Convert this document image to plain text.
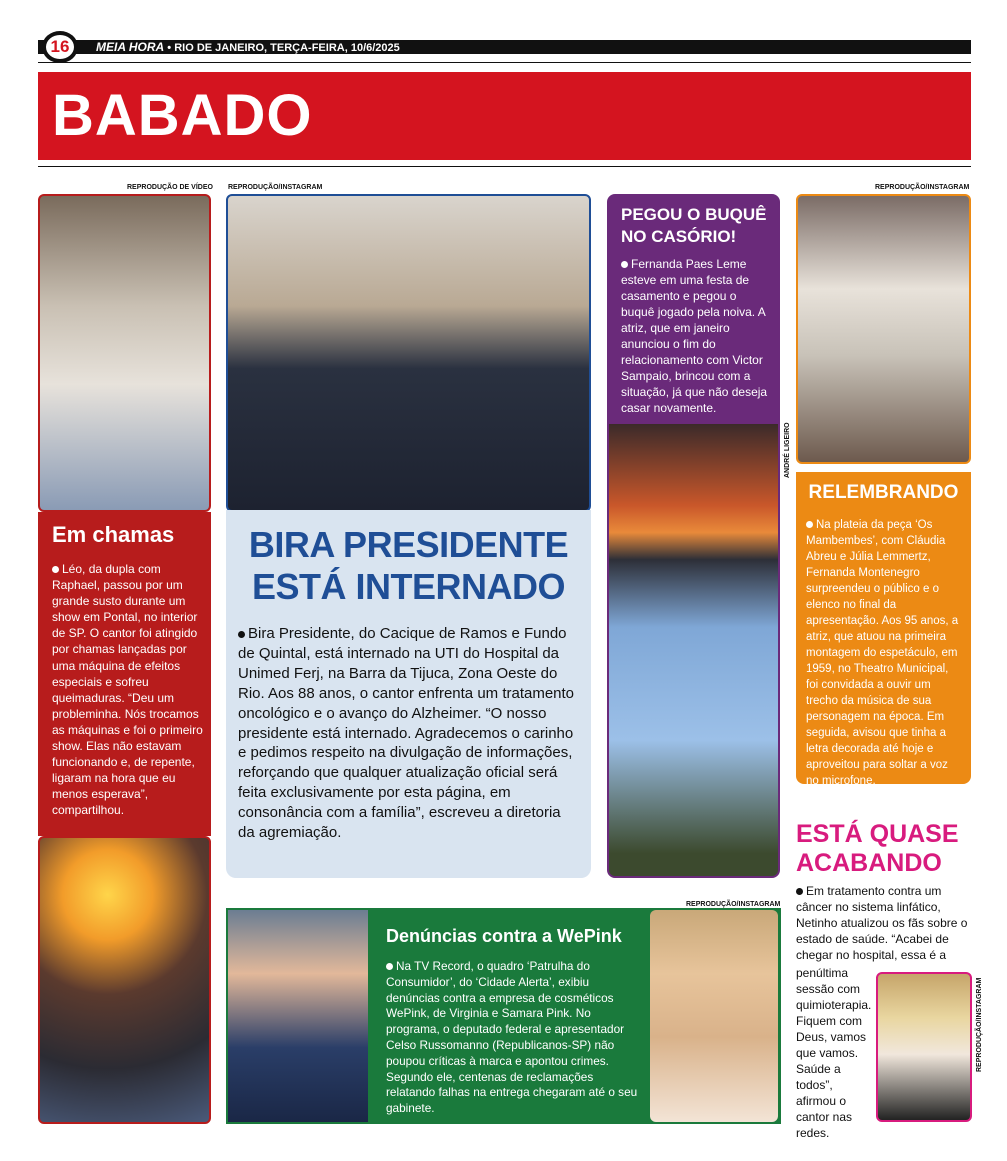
16	MEIA HORA • RIO DE JANEIRO, TERÇA-FEIRA, 10/6/2025
BABADO
REPRODUÇÃO DE VÍDEO REPRODUÇÃO/INSTAGRAM	REPRODUÇÃO/INSTAGRAM
ANDRÉ LIGEIRO
REPRODUÇÃO/INSTAGRAM
REPRODUÇÃO/INSTAGRAM
Em chamas
Léo, da dupla com Raphael, passou por um grande susto durante um show em Pontal, no interior de SP. O cantor foi atingido por chamas lançadas por uma máquina de efeitos especiais e sofreu queimaduras. “Deu um probleminha. Nós trocamos as máquinas e foi o primeiro show. Elas não estavam funcionando e, de repente, ligaram na hora que eu menos esperava”, compartilhou.
BIRA PRESIDENTE ESTÁ INTERNADO
Bira Presidente, do Cacique de Ramos e Fundo de Quintal, está internado na UTI do Hospital da Unimed Ferj, na Barra da Tijuca, Zona Oeste do Rio. Aos 88 anos, o cantor enfrenta um tratamento oncológico e o avanço do Alzheimer. “O nosso presidente está internado. Agradecemos o carinho e pedimos respeito na divulgação de informações, reforçando que qualquer atualização oficial será feita exclusivamente por esta página, em consonância com a família”, escreveu a diretoria da agremiação.
PEGOU O BUQUÊ NO CASÓRIO!
Fernanda Paes Leme esteve em uma festa de casamento e pegou o buquê jogado pela noiva. A atriz, que em janeiro anunciou o fim do relacionamento com Victor Sampaio, brincou com a situação, já que não deseja casar novamente.
RELEMBRANDO
Na plateia da peça ‘Os Mambembes’, com Cláudia Abreu e Júlia Lemmertz, Fernanda Montenegro surpreendeu o público e o elenco no final da apresentação. Aos 95 anos, a atriz, que atuou na primeira montagem do espetáculo, em 1959, no Theatro Municipal, foi convidada a ouvir um trecho da música de sua personagem na época. Em seguida, avisou que tinha a letra decorada até hoje e aproveitou para soltar a voz no microfone.
ESTÁ QUASE ACABANDO
Em tratamento contra um câncer no sistema linfático, Netinho atualizou os fãs sobre o estado de saúde. “Acabei de chegar no hospital, essa é a
penúltima sessão com quimioterapia. Fiquem com Deus, vamos que vamos. Saúde a todos”, afirmou o cantor nas redes.
Denúncias contra a WePink
Na TV Record, o quadro ‘Patrulha do Consumidor’, do ‘Cidade Alerta’, exibiu denúncias contra a empresa de cosméticos WePink, de Virginia e Samara Pink. No programa, o deputado federal e apresentador Celso Russomanno (Republicanos-SP) não poupou críticas à marca e apontou crimes. Segundo ele, centenas de reclamações relatando falhas na entrega chegaram até o seu gabinete.
